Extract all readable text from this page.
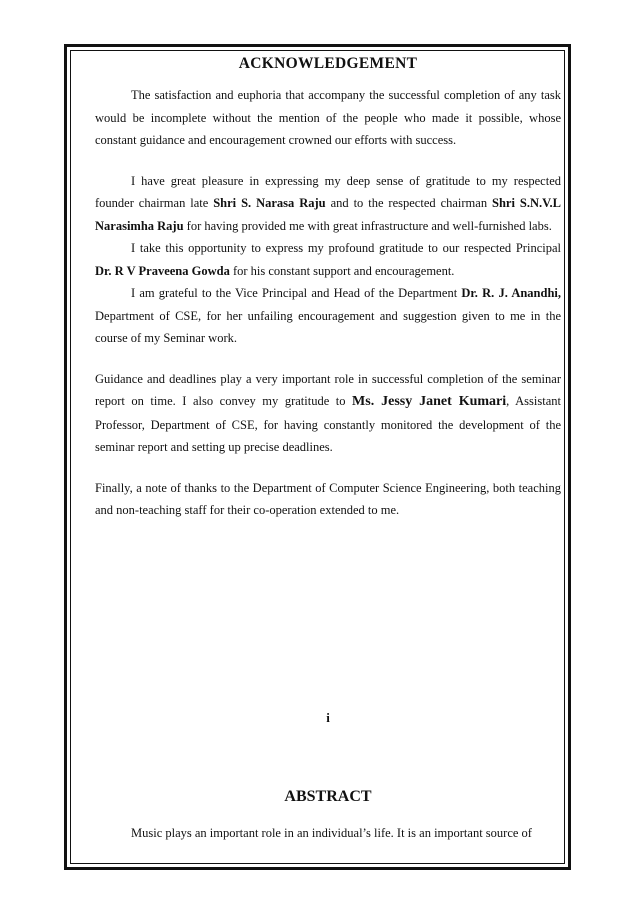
ACKNOWLEDGEMENT

The satisfaction and euphoria that accompany the successful completion of any task would be incomplete without the mention of the people who made it possible, whose constant guidance and encouragement crowned our efforts with success.

I have great pleasure in expressing my deep sense of gratitude to my respected founder chairman late Shri S. Narasa Raju and to the respected chairman Shri S.N.V.L Narasimha Raju for having provided me with great infrastructure and well-furnished labs.

I take this opportunity to express my profound gratitude to our respected Principal Dr. R V Praveena Gowda for his constant support and encouragement.

I am grateful to the Vice Principal and Head of the Department Dr. R. J. Anandhi, Department of CSE, for her unfailing encouragement and suggestion given to me in the course of my Seminar work.

Guidance and deadlines play a very important role in successful completion of the seminar report on time. I also convey my gratitude to Ms. Jessy Janet Kumari, Assistant Professor, Department of CSE, for having constantly monitored the development of the seminar report and setting up precise deadlines.

Finally, a note of thanks to the Department of Computer Science Engineering, both teaching and non-teaching staff for their co-operation extended to me.

i
ABSTRACT
Music plays an important role in an individual’s life. It is an important source of
